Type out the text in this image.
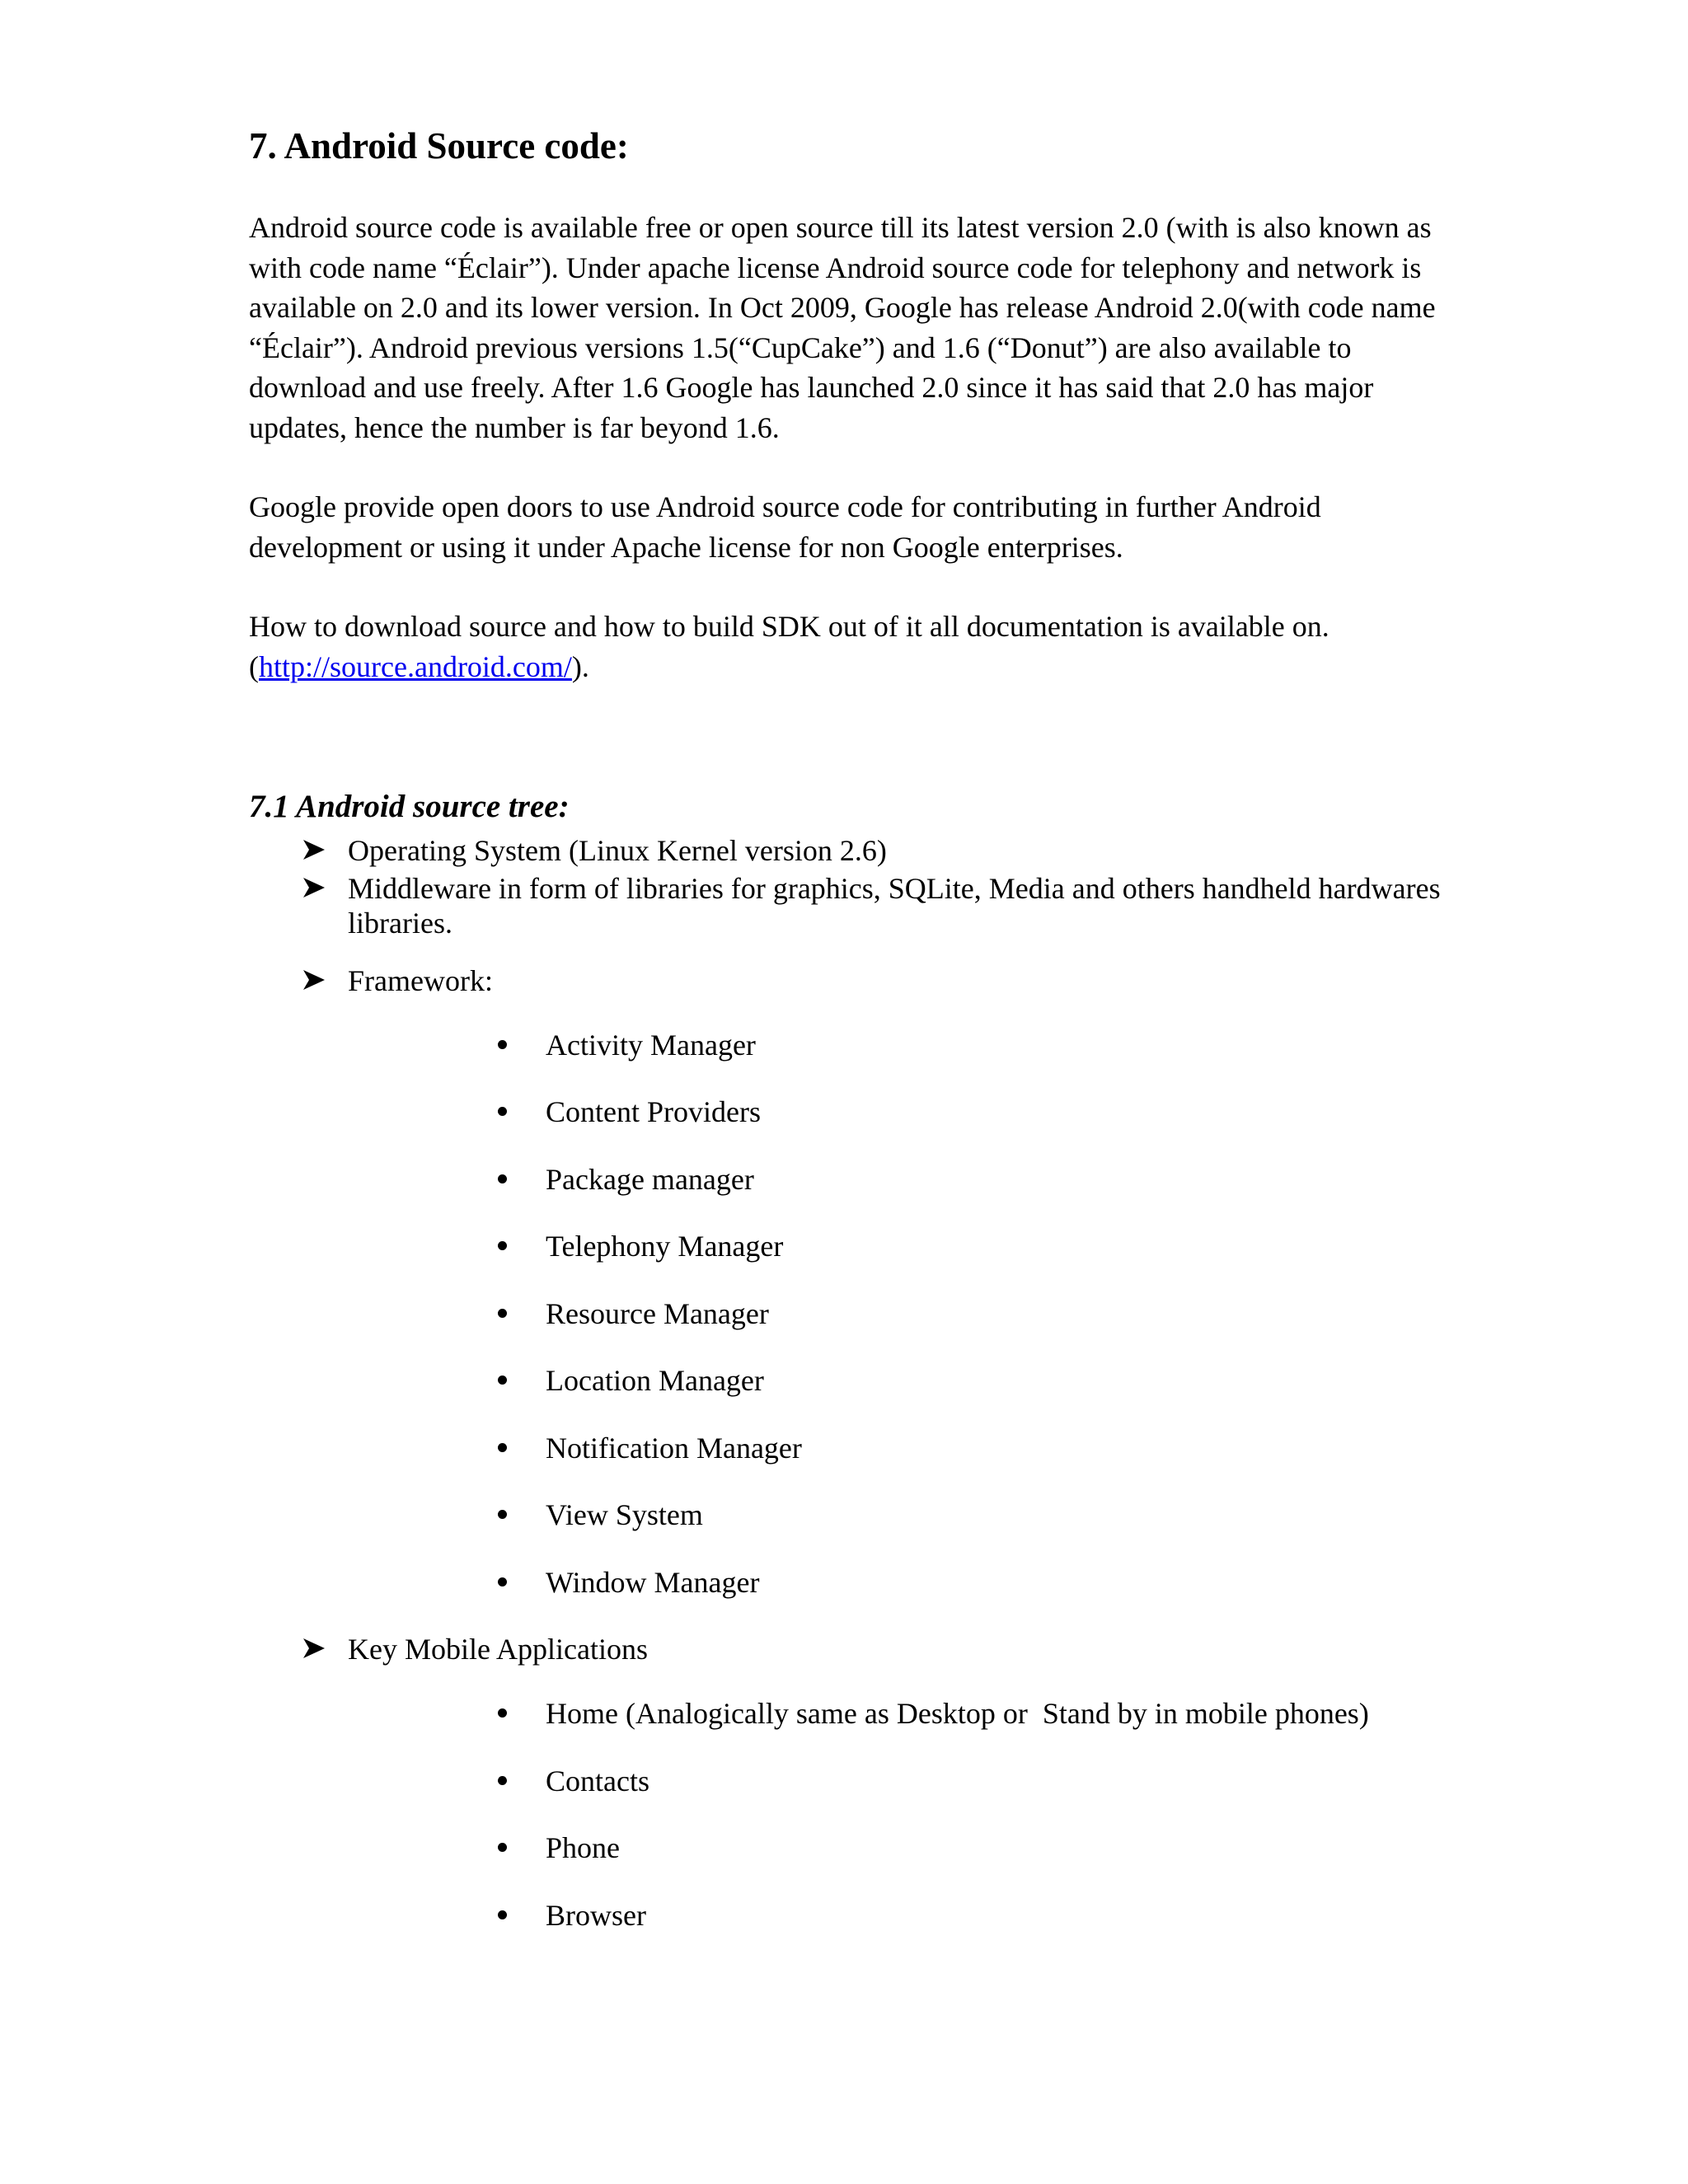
7. Android Source code:

Android source code is available free or open source till its latest version 2.0 (with is also known as with code name “Éclair”). Under apache license Android source code for telephony and network is available on 2.0 and its lower version. In Oct 2009, Google has release Android 2.0(with code name “Éclair”). Android previous versions 1.5(“CupCake”) and 1.6 (“Donut”) are also available to download and use freely. After 1.6 Google has launched 2.0 since it has said that 2.0 has major updates, hence the number is far beyond 1.6.

Google provide open doors to use Android source code for contributing in further Android development or using it under Apache license for non Google enterprises.

How to download source and how to build SDK out of it all documentation is available on.
(http://source.android.com/).

7.1 Android source tree:
Operating System (Linux Kernel version 2.6)
Middleware in form of libraries for graphics, SQLite, Media and others handheld hardwares libraries.
Framework:
Activity Manager
Content Providers
Package manager
Telephony Manager
Resource Manager
Location Manager
Notification Manager
View System
Window Manager
Key Mobile Applications
Home (Analogically same as Desktop or  Stand by in mobile phones)
Contacts
Phone
Browser
